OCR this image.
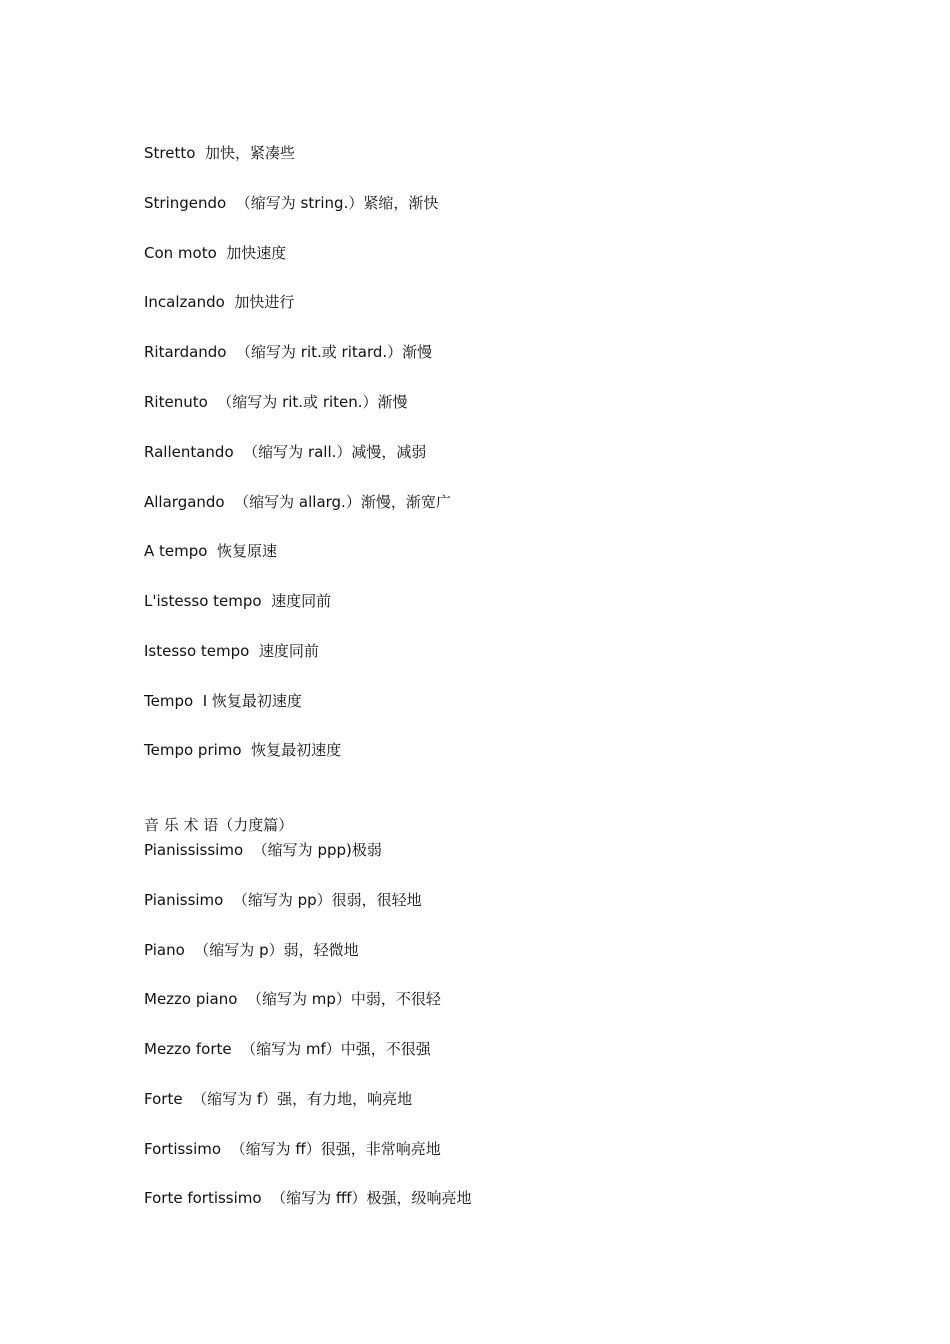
Stretto  加快，紧凑些
Stringendo  （缩写为 string.）紧缩，渐快
Con moto  加快速度
Incalzando  加快进行
Ritardando  （缩写为 rit.或 ritard.）渐慢
Ritenuto  （缩写为 rit.或 riten.）渐慢
Rallentando  （缩写为 rall.）减慢，减弱
Allargando  （缩写为 allarg.）渐慢，渐宽广
A tempo  恢复原速
L'istesso tempo  速度同前
Istesso tempo  速度同前
Tempo  Ⅰ 恢复最初速度
Tempo primo  恢复最初速度
音 乐 术 语（力度篇）
Pianississimo  （缩写为 ppp)极弱
Pianissimo  （缩写为 pp）很弱，很轻地
Piano  （缩写为 p）弱，轻微地
Mezzo piano  （缩写为 mp）中弱，不很轻
Mezzo forte  （缩写为 mf）中强，不很强
Forte  （缩写为 f）强，有力地，响亮地
Fortissimo  （缩写为 ff）很强，非常响亮地
Forte fortissimo  （缩写为 fff）极强，级响亮地
